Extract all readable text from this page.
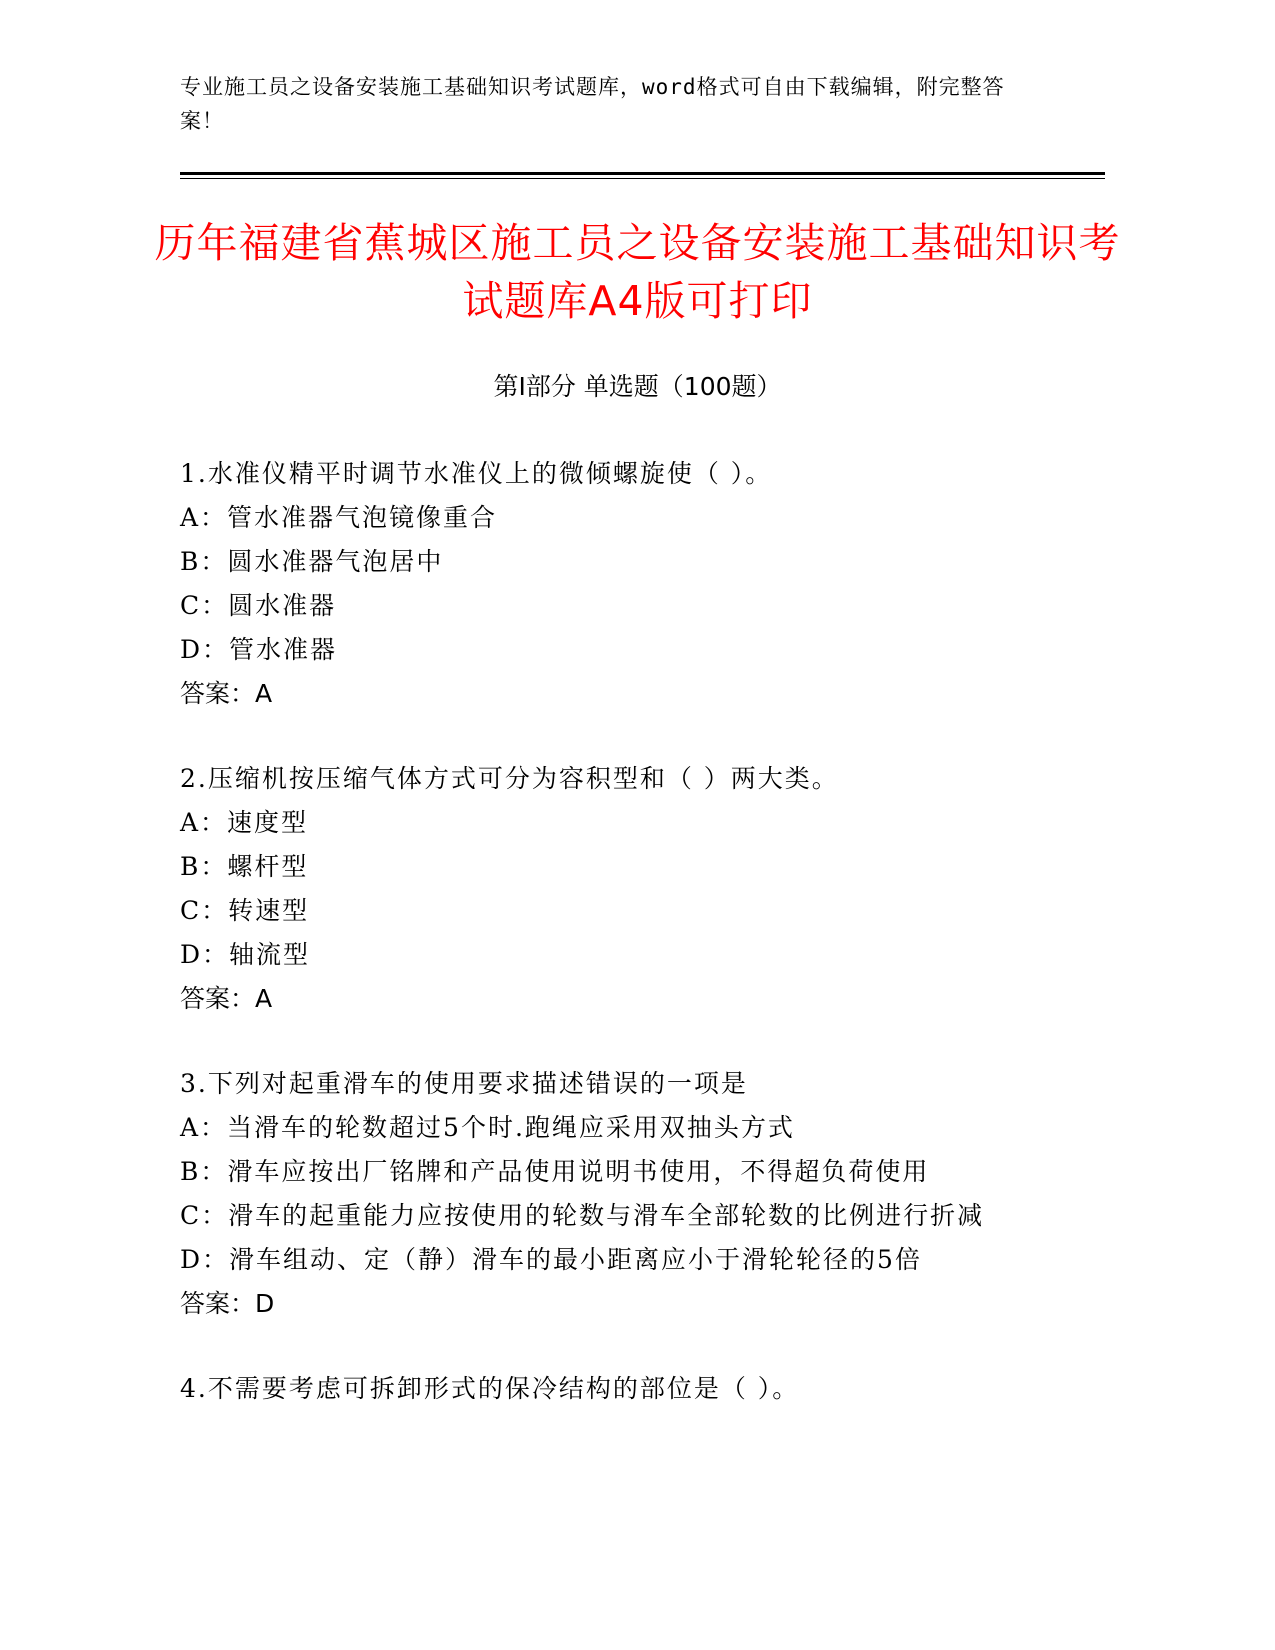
专业施工员之设备安装施工基础知识考试题库，word格式可自由下载编辑，附完整答案！
历年福建省蕉城区施工员之设备安装施工基础知识考试题库A4版可打印
第I部分 单选题（100题）
1.水准仪精平时调节水准仪上的微倾螺旋使（ ）。
A：管水准器气泡镜像重合
B：圆水准器气泡居中
C：圆水准器
D：管水准器
答案：A
2.压缩机按压缩气体方式可分为容积型和（ ）两大类。
A：速度型
B：螺杆型
C：转速型
D：轴流型
答案：A
3.下列对起重滑车的使用要求描述错误的一项是
A：当滑车的轮数超过5个时.跑绳应采用双抽头方式
B：滑车应按出厂铭牌和产品使用说明书使用，不得超负荷使用
C：滑车的起重能力应按使用的轮数与滑车全部轮数的比例进行折减
D：滑车组动、定（静）滑车的最小距离应小于滑轮轮径的5倍
答案：D
4.不需要考虑可拆卸形式的保冷结构的部位是（ ）。
